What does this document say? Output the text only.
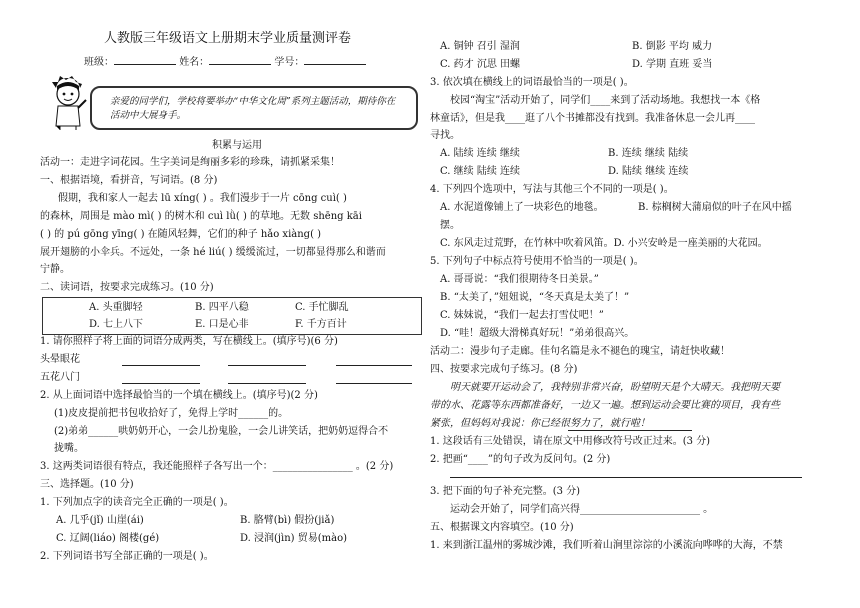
人教版三年级语文上册期末学业质量测评卷
班级：	姓名：	学号：
亲爱的同学们，学校将要举办“中华文化周”系列主题活动，期待你在
活动中大展身手。
积累与运用
活动一：走进字词花园。生字美词是绚丽多彩的珍珠，请抓紧采集！
一、根据语境，看拼音，写词语。(8 分)
假期，我和家人一起去 lū xíng( ) 。我们漫步于一片 cōng cuì( )
的森林，周围是 mào mì( ) 的树木和 cuì lǜ( ) 的草地。无数 shēng kāi
( ) 的 pú gōng yīng( ) 在随风轻舞，它们的种子 hǎo xiàng( )
展开翅膀的小伞兵。不远处，一条 hé liú( ) 缓缓流过，一切都显得那么和谐而
宁静。
二、读词语，按要求完成练习。(10 分)
A. 头重脚轻	B. 四平八稳	C. 手忙脚乱
D. 七上八下	E. 口是心非	F. 千方百计
1. 请你照样子将上面的词语分成两类，写在横线上。(填序号)(6 分)
头晕眼花
五花八门
2. 从上面词语中选择最恰当的一个填在横线上。(填序号)(2 分)
(1)皮皮提前把书包收拾好了，免得上学时______的。
(2)弟弟______哄奶奶开心，一会儿扮鬼脸，一会儿讲笑话，把奶奶逗得合不
拢嘴。
3. 这两类词语很有特点，我还能照样子各写出一个：________________ 。(2 分)
三、选择题。(10 分)
1. 下列加点字的读音完全正确的一项是( )。
A. 几乎(jǐ) 山崖(ái)	B. 胳臂(bì) 假扮(jiǎ)
C. 辽阔(liáo) 阁楼(gé)	D. 浸润(jìn) 贸易(mào)
2. 下列词语书写全部正确的一项是( )。
A. 铜钟 召引 湿润	B. 倒影 平均 威力
C. 药才 沉思 田螺	D. 学期 直班 妥当
3. 依次填在横线上的词语最恰当的一项是( )。
校园“淘宝”活动开始了，同学们____来到了活动场地。我想找一本《格
林童话》，但是我____逛了八个书摊都没有找到。我准备休息一会儿再____
寻找。
A. 陆续 连续 继续	B. 连续 继续 陆续
C. 继续 陆续 连续	D. 陆续 继续 连续
4. 下列四个选项中，写法与其他三个不同的一项是( )。
A. 水泥道像铺上了一块彩色的地毯。	B. 棕榈树大蒲扇似的叶子在风中摇
摆。
C. 东风走过荒野，在竹林中吹着风笛。D. 小兴安岭是一座美丽的大花园。
5. 下列句子中标点符号使用不恰当的一项是( )。
A. 哥哥说：“我们很期待冬日美景。”
B. “太美了，”妞妞说，“冬天真是太美了！”
C. 妹妹说，“我们一起去打雪仗吧！”
D. “哇！超级大滑梯真好玩！”弟弟很高兴。
活动二：漫步句子走廊。佳句名篇是永不褪色的瑰宝，请赶快收藏！
四、按要求完成句子练习。(8 分)
明天就要开运动会了，我特别非常兴奋，盼望明天是个大晴天。我把明天要
带的水、花露等东西都准备好，一边又一遍。想到运动会要比赛的项目，我有些
紧张，但妈妈对我说：你已经很努力了，就行啦！
1. 这段话有三处错误，请在原文中用修改符号改正过来。(3 分)
2. 把画“____”的句子改为反问句。(2 分)
3. 把下面的句子补充完整。(3 分)
运动会开始了，同学们高兴得________________________ 。
五、根据课文内容填空。(10 分)
1. 来到浙江温州的雾城沙滩，我们听着山涧里淙淙的小溪流向哗哗的大海，不禁
